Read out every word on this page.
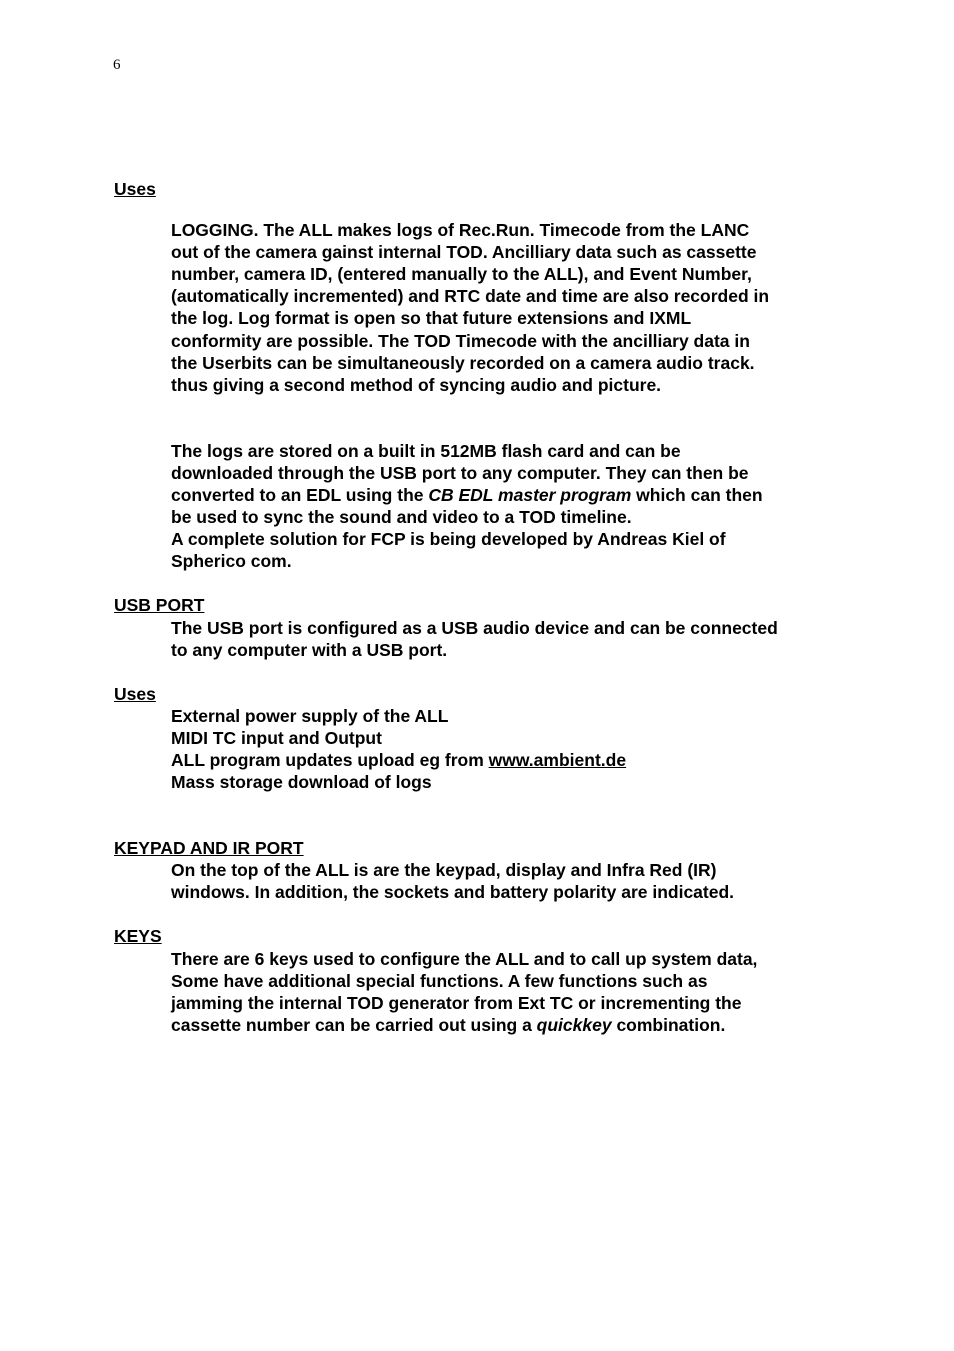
6
Uses
LOGGING. The ALL makes logs of Rec.Run. Timecode from the LANC
out of the camera gainst internal TOD. Ancilliary data such as cassette
number, camera ID, (entered manually to the ALL), and Event Number,
(automatically incremented) and RTC date and time are also recorded in
the log. Log format is open so that future extensions and IXML
conformity are possible. The TOD Timecode with the ancilliary data in
the Userbits can be simultaneously recorded on a camera audio track.
thus giving a second method of syncing audio and picture.
The logs are stored on a built in 512MB flash card and can be
downloaded through the USB port to any computer. They can then be
converted to an EDL using the CB EDL master program which can then
be used to sync the sound and video to a TOD timeline.
A complete solution for FCP is being developed by Andreas Kiel of
Spherico com.
USB PORT
The USB port is configured as a USB audio device and can be connected
to any computer with a USB port.
Uses
External power supply of the ALL
MIDI TC input and Output
ALL program updates upload eg from www.ambient.de
Mass storage download of logs
KEYPAD AND IR PORT
On the top of the ALL is are the keypad, display and Infra Red (IR)
windows. In addition, the sockets and battery polarity are indicated.
KEYS
There are 6 keys used to configure the ALL and to call up system data,
Some have additional special functions. A few functions such as
jamming the internal TOD generator from Ext TC or incrementing the
cassette number can be carried out using a quickkey combination.
